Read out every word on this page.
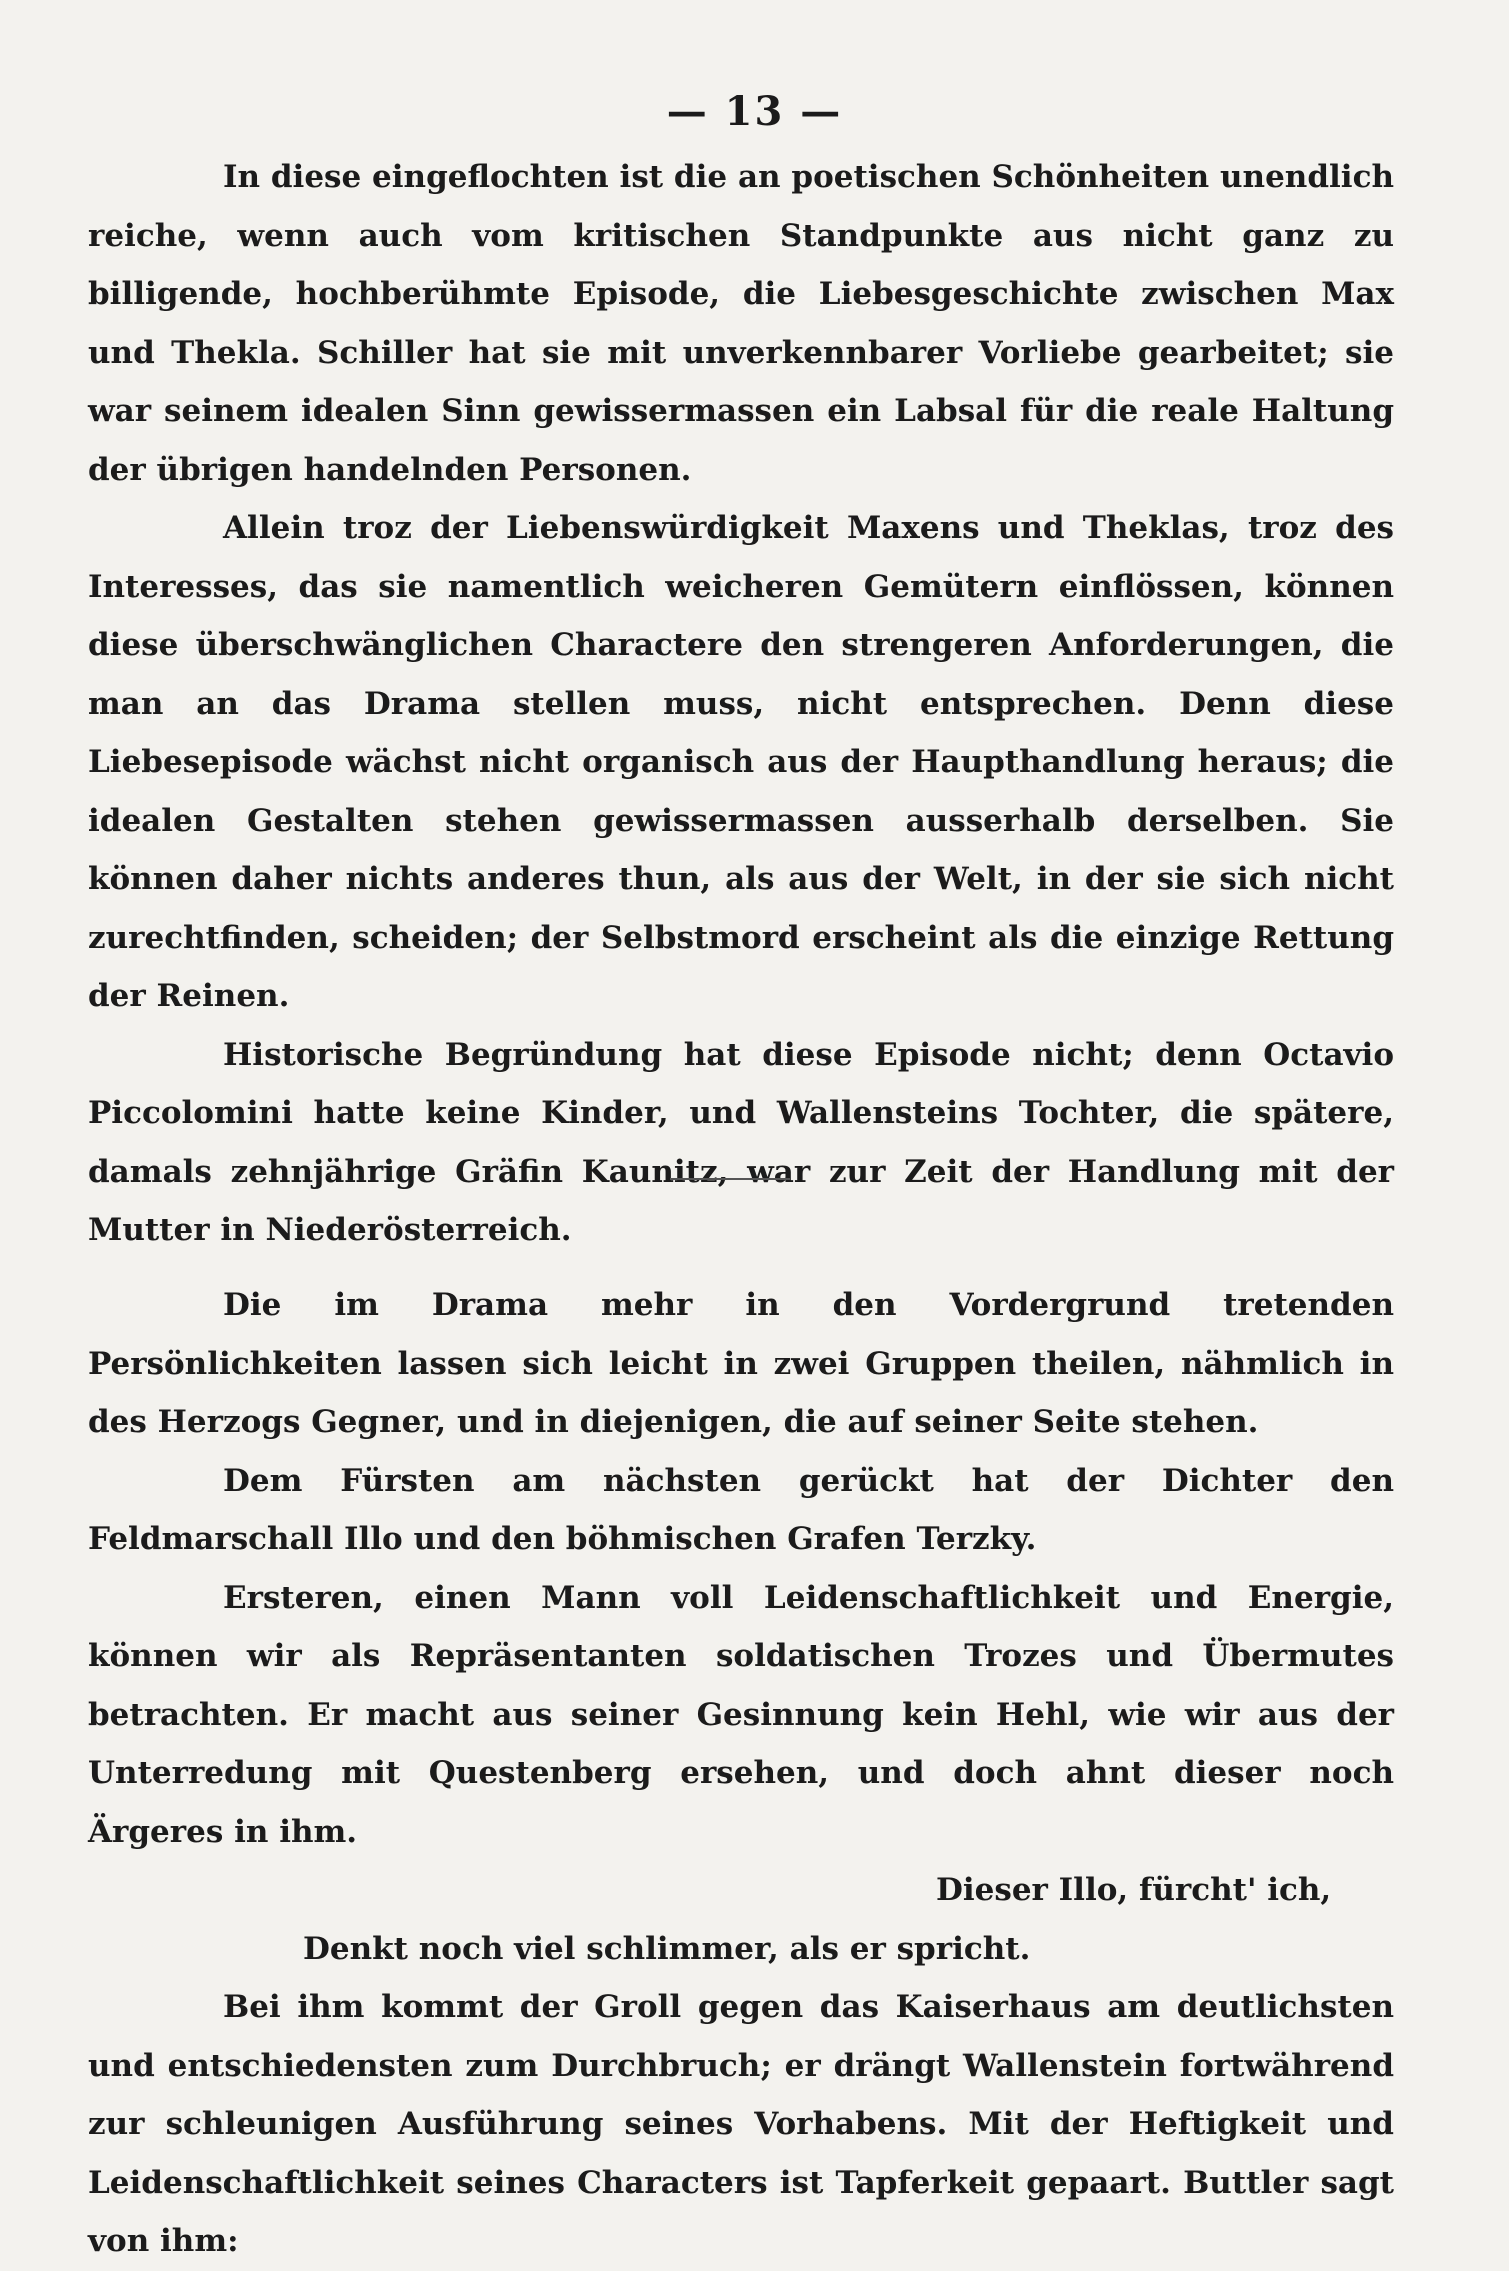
— 13 —

In diese eingeflochten ist die an poetischen Schönheiten unendlich reiche, wenn auch vom kritischen Standpunkte aus nicht ganz zu billigende, hochberühmte Episode, die Liebesgeschichte zwischen Max und Thekla. Schiller hat sie mit unverkennbarer Vorliebe gearbeitet; sie war seinem idealen Sinn gewissermassen ein Labsal für die reale Haltung der übrigen handelnden Personen.

Allein troz der Liebenswürdigkeit Maxens und Theklas, troz des Interesses, das sie namentlich weicheren Gemütern einflössen, können diese überschwänglichen Charactere den strengeren Anforderungen, die man an das Drama stellen muss, nicht entsprechen. Denn diese Liebesepisode wächst nicht organisch aus der Haupthandlung heraus; die idealen Gestalten stehen gewissermassen ausserhalb derselben. Sie können daher nichts anderes thun, als aus der Welt, in der sie sich nicht zurechtfinden, scheiden; der Selbstmord erscheint als die einzige Rettung der Reinen.

Historische Begründung hat diese Episode nicht; denn Octavio Piccolomini hatte keine Kinder, und Wallensteins Tochter, die spätere, damals zehnjährige Gräfin Kaunitz, war zur Zeit der Handlung mit der Mutter in Niederösterreich.

Die im Drama mehr in den Vordergrund tretenden Persönlichkeiten lassen sich leicht in zwei Gruppen theilen, nähmlich in des Herzogs Gegner, und in diejenigen, die auf seiner Seite stehen.

Dem Fürsten am nächsten gerückt hat der Dichter den Feldmarschall Illo und den böhmischen Grafen Terzky.

Ersteren, einen Mann voll Leidenschaftlichkeit und Energie, können wir als Repräsentanten soldatischen Trozes und Übermutes betrachten. Er macht aus seiner Gesinnung kein Hehl, wie wir aus der Unterredung mit Questenberg ersehen, und doch ahnt dieser noch Ärgeres in ihm.

Dieser Illo, fürcht' ich,

Denkt noch viel schlimmer, als er spricht.

Bei ihm kommt der Groll gegen das Kaiserhaus am deutlichsten und entschiedensten zum Durchbruch; er drängt Wallenstein fortwährend zur schleunigen Ausführung seines Vorhabens. Mit der Heftigkeit und Leidenschaftlichkeit seines Characters ist Tapferkeit gepaart. Buttler sagt von ihm:
